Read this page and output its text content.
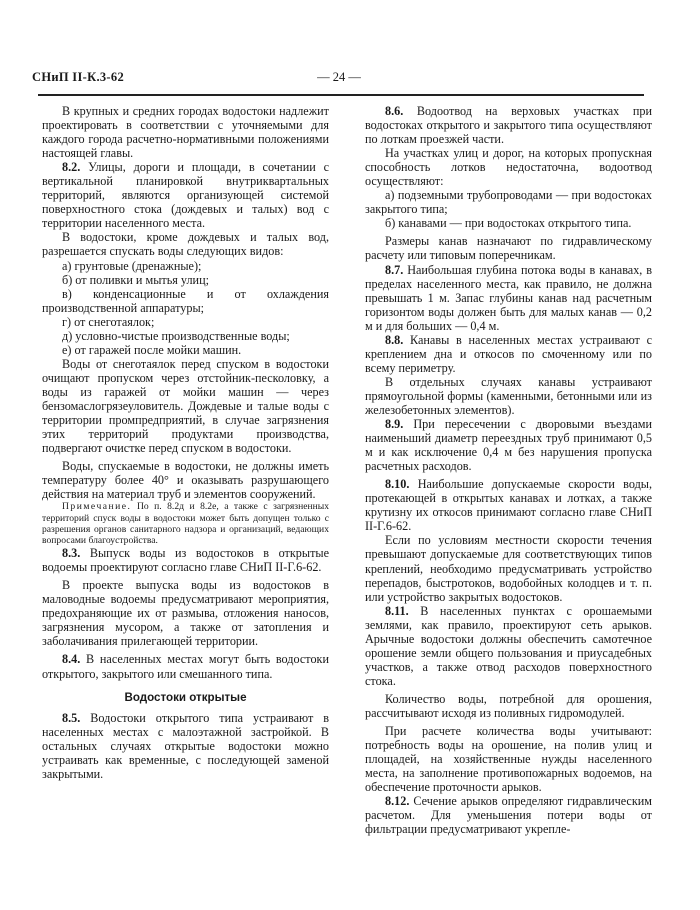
СНиП II-К.3-62	— 24 —

В крупных и средних городах водостоки надлежит проектировать в соответствии с уточняемыми для каждого города расчетно-нормативными положениями настоящей главы.

8.2. Улицы, дороги и площади, в сочетании с вертикальной планировкой внутриквартальных территорий, являются организующей системой поверхностного стока (дождевых и талых) вод с территории населенного места.

В водостоки, кроме дождевых и талых вод, разрешается спускать воды следующих видов:

а) грунтовые (дренажные);

б) от поливки и мытья улиц;

в) конденсационные и от охлаждения производственной аппаратуры;

г) от снеготаялок;

д) условно-чистые производственные воды;

е) от гаражей после мойки машин.

Воды от снеготаялок перед спуском в водостоки очищают пропуском через отстойник-песколовку, а воды из гаражей от мойки машин — через бензомаслогрязеуловитель. Дождевые и талые воды с территории промпредприятий, в случае загрязнения этих территорий продуктами производства, подвергают очистке перед спуском в водостоки.

Воды, спускаемые в водостоки, не должны иметь температуру более 40° и оказывать разрушающего действия на материал труб и элементов сооружений.

Примечание. По п. 8.2д и 8.2е, а также с загрязненных территорий спуск воды в водостоки может быть допущен только с разрешения органов санитарного надзора и организаций, ведающих вопросами благоустройства.

8.3. Выпуск воды из водостоков в открытые водоемы проектируют согласно главе СНиП II-Г.6-62.

В проекте выпуска воды из водостоков в маловодные водоемы предусматривают мероприятия, предохраняющие их от размыва, отложения наносов, загрязнения мусором, а также от затопления и заболачивания прилегающей территории.

8.4. В населенных местах могут быть водостоки открытого, закрытого или смешанного типа.

Водостоки открытые

8.5. Водостоки открытого типа устраивают в населенных местах с малоэтажной застройкой. В остальных случаях открытые водостоки можно устраивать как временные, с последующей заменой закрытыми.

8.6. Водоотвод на верховых участках при водостоках открытого и закрытого типа осуществляют по лоткам проезжей части.

На участках улиц и дорог, на которых пропускная способность лотков недостаточна, водоотвод осуществляют:

а) подземными трубопроводами — при водостоках закрытого типа;

б) канавами — при водостоках открытого типа.

Размеры канав назначают по гидравлическому расчету или типовым поперечникам.

8.7. Наибольшая глубина потока воды в канавах, в пределах населенного места, как правило, не должна превышать 1 м. Запас глубины канав над расчетным горизонтом воды должен быть для малых канав — 0,2 м и для больших — 0,4 м.

8.8. Канавы в населенных местах устраивают с креплением дна и откосов по смоченному или по всему периметру.

В отдельных случаях канавы устраивают прямоугольной формы (каменными, бетонными или из железобетонных элементов).

8.9. При пересечении с дворовыми въездами наименьший диаметр переездных труб принимают 0,5 м и как исключение 0,4 м без нарушения пропуска расчетных расходов.

8.10. Наибольшие допускаемые скорости воды, протекающей в открытых канавах и лотках, а также крутизну их откосов принимают согласно главе СНиП II-Г.6-62.

Если по условиям местности скорости течения превышают допускаемые для соответствующих типов креплений, необходимо предусматривать устройство перепадов, быстротоков, водобойных колодцев и т. п. или устройство закрытых водостоков.

8.11. В населенных пунктах с орошаемыми землями, как правило, проектируют сеть арыков. Арычные водостоки должны обеспечить самотечное орошение земли общего пользования и приусадебных участков, а также отвод расходов поверхностного стока.

Количество воды, потребной для орошения, рассчитывают исходя из поливных гидромодулей.

При расчете количества воды учитывают: потребность воды на орошение, на полив улиц и площадей, на хозяйственные нужды населенного места, на заполнение противопожарных водоемов, на обеспечение проточности арыков.

8.12. Сечение арыков определяют гидравлическим расчетом. Для уменьшения потери воды от фильтрации предусматривают укрепле-
